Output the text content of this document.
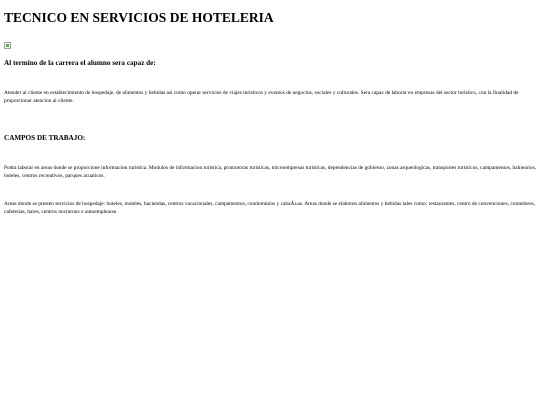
TECNICO EN SERVICIOS DE HOTELERIA
Al termino de la carrera el alumno sera capaz de:

Atender al cliente en establecimiento de hospedaje, de alimentos y bebidas asi como operar servicios de viajes turisticos y eventos de negocios, sociales y culturales. Sera capaz de laborar en empresas del sector turistico, con la finalidad de proporcionar atencion al cliente.

CAMPOS DE TRABAJO:

Podra laborar en areas donde se proporcione informacion turistica. Modulos de informacion turistica, promotoras turisticas, microempresas turisticas, dependencias de gobierno, zonas arqueologicas, transportes turisticos, campamentos, balnearios, hoteles, centros recreativos, parques acuaticos.

Areas donde se presten servicios de hospedaje: hoteles, moteles, haciendas, centros vacacionales, campamentos, condominios y cabaÃ±as. Areas donde se elaboren alimentos y bebidas tales como: restaurantes, centro de convenciones, comedores, cafeterias, bares, centros nocturnos o autoemplearse.
